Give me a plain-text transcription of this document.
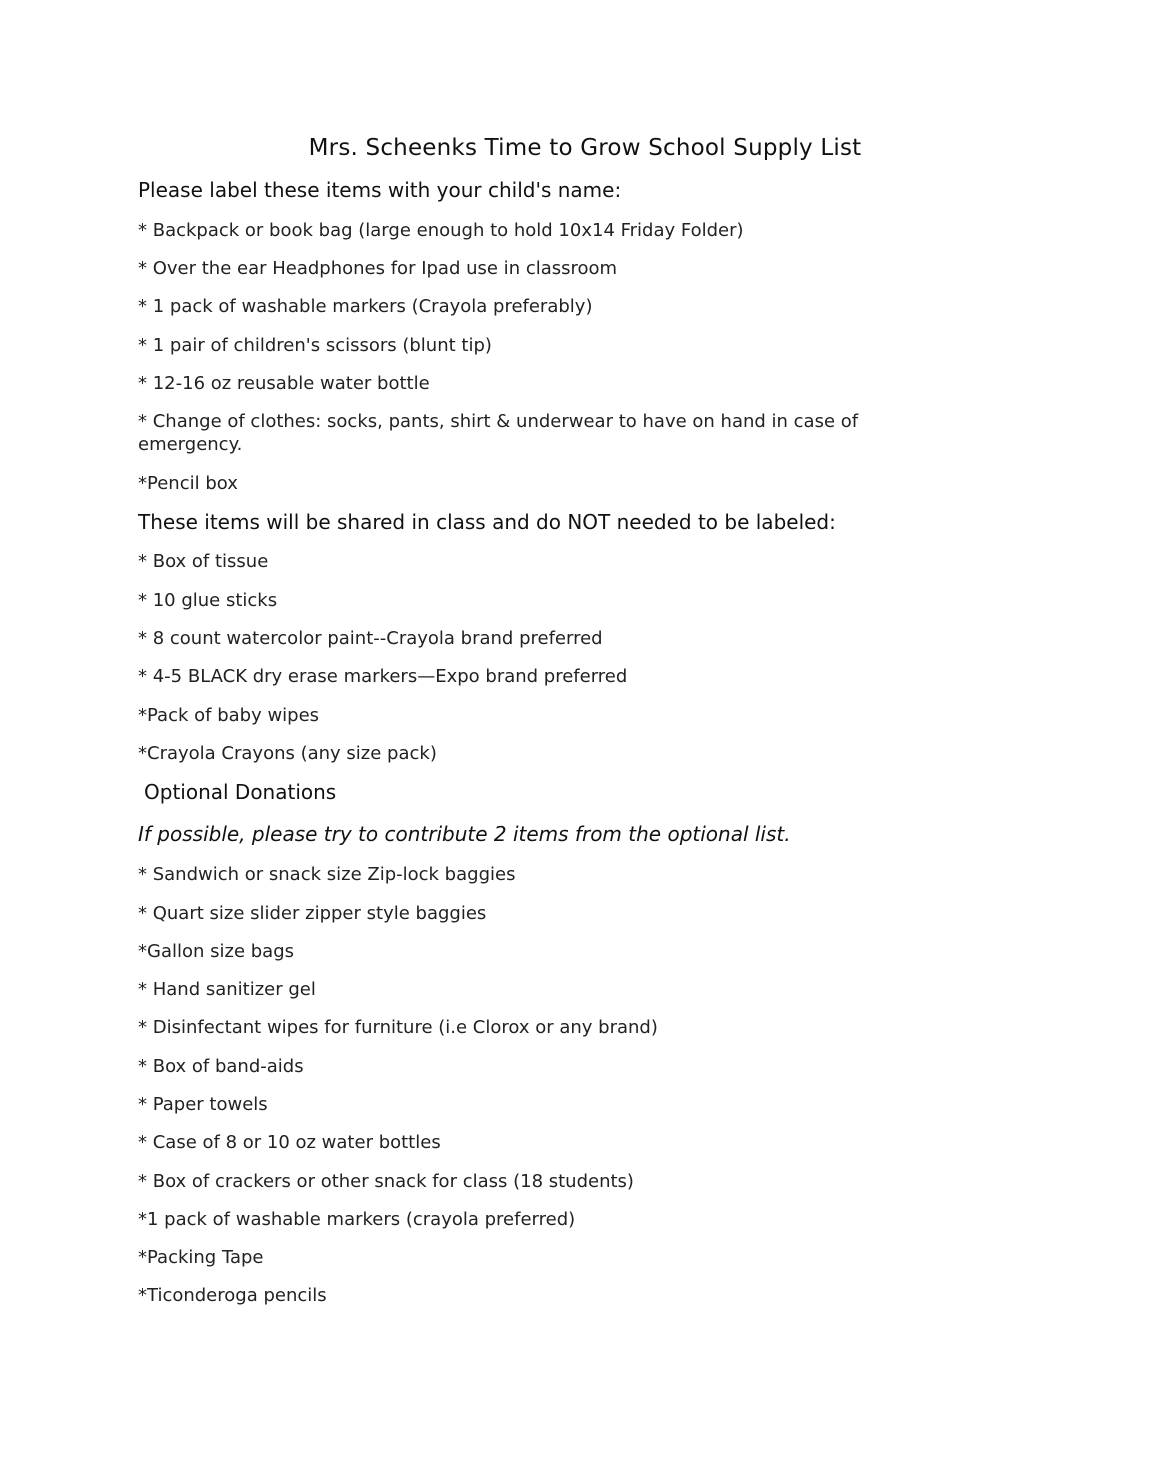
Mrs. Scheenks Time to Grow School Supply List
Please label these items with your child's name:
* Backpack or book bag (large enough to hold 10x14 Friday Folder)
* Over the ear Headphones for Ipad use in classroom
* 1 pack of washable markers (Crayola preferably)
* 1 pair of children's scissors (blunt tip)
* 12-16 oz reusable water bottle
* Change of clothes: socks, pants, shirt & underwear to have on hand in case of emergency.
*Pencil box
These items will be shared in class and do NOT needed to be labeled:
* Box of tissue
* 10 glue sticks
* 8 count watercolor paint--Crayola brand preferred
* 4-5 BLACK dry erase markers—Expo brand preferred
*Pack of baby wipes
*Crayola Crayons (any size pack)
Optional Donations
If possible, please try to contribute 2 items from the optional list.
* Sandwich or snack size Zip-lock baggies
* Quart size slider zipper style baggies
*Gallon size bags
* Hand sanitizer gel
* Disinfectant wipes for furniture (i.e Clorox or any brand)
* Box of band-aids
* Paper towels
* Case of 8 or 10 oz water bottles
* Box of crackers or other snack for class (18 students)
*1 pack of washable markers (crayola preferred)
*Packing Tape
*Ticonderoga pencils
